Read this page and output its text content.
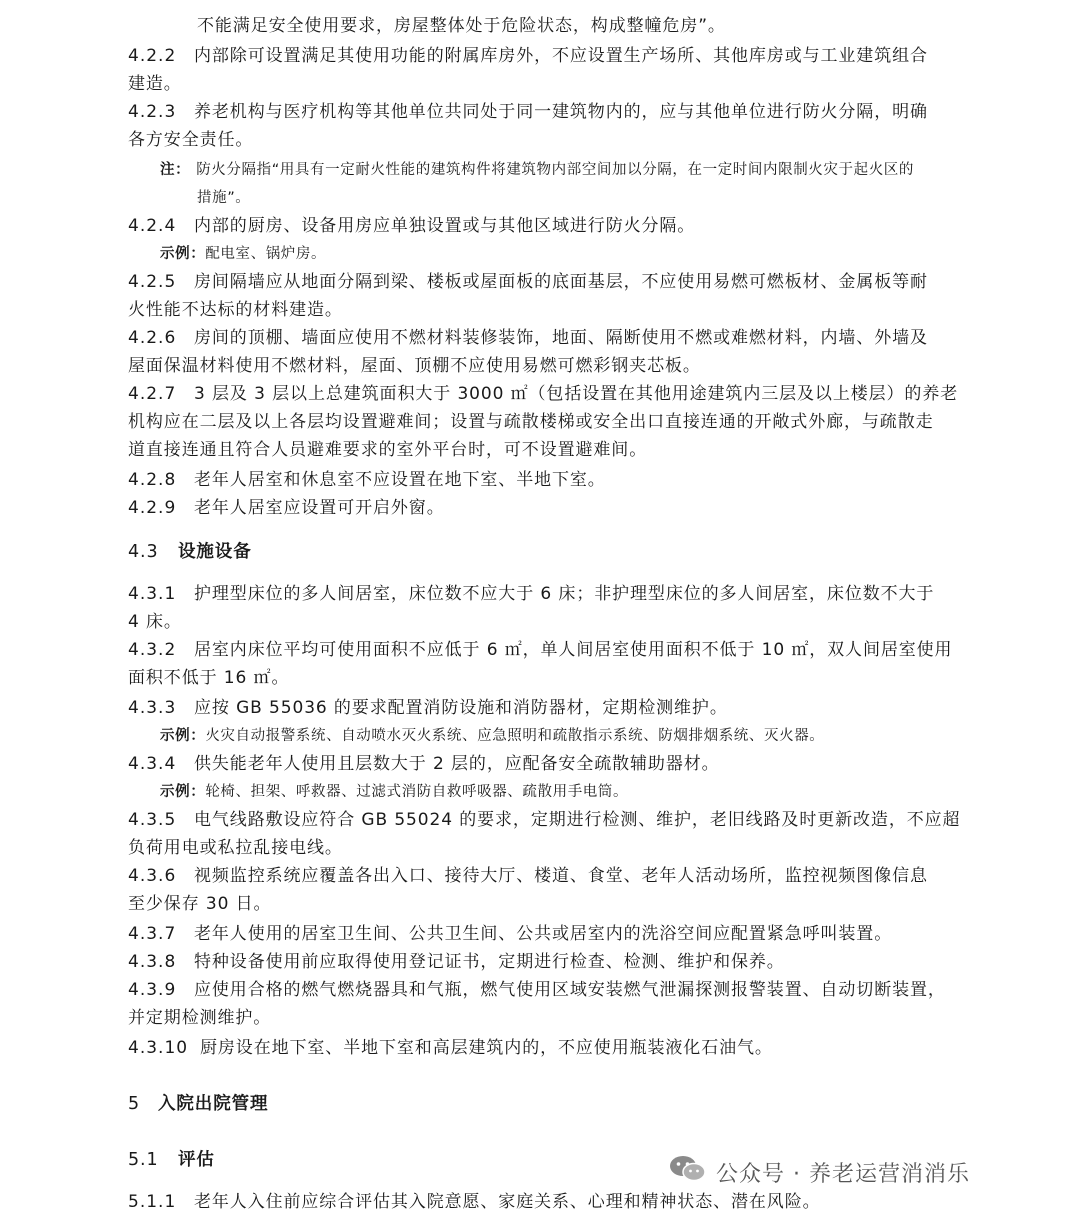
不能满足安全使用要求，房屋整体处于危险状态，构成整幢危房”。
4.2.2 内部除可设置满足其使用功能的附属库房外，不应设置生产场所、其他库房或与工业建筑组合
建造。
4.2.3 养老机构与医疗机构等其他单位共同处于同一建筑物内的，应与其他单位进行防火分隔，明确
各方安全责任。
注： 防火分隔指“用具有一定耐火性能的建筑构件将建筑物内部空间加以分隔，在一定时间内限制火灾于起火区的
措施”。
4.2.4 内部的厨房、设备用房应单独设置或与其他区域进行防火分隔。
示例：配电室、锅炉房。
4.2.5 房间隔墙应从地面分隔到梁、楼板或屋面板的底面基层，不应使用易燃可燃板材、金属板等耐
火性能不达标的材料建造。
4.2.6 房间的顶棚、墙面应使用不燃材料装修装饰，地面、隔断使用不燃或难燃材料，内墙、外墙及
屋面保温材料使用不燃材料，屋面、顶棚不应使用易燃可燃彩钢夹芯板。
4.2.7 3 层及 3 层以上总建筑面积大于 3000 ㎡（包括设置在其他用途建筑内三层及以上楼层）的养老
机构应在二层及以上各层均设置避难间；设置与疏散楼梯或安全出口直接连通的开敞式外廊，与疏散走
道直接连通且符合人员避难要求的室外平台时，可不设置避难间。
4.2.8 老年人居室和休息室不应设置在地下室、半地下室。
4.2.9 老年人居室应设置可开启外窗。
4.3 设施设备
4.3.1 护理型床位的多人间居室，床位数不应大于 6 床；非护理型床位的多人间居室，床位数不大于
4 床。
4.3.2 居室内床位平均可使用面积不应低于 6 ㎡，单人间居室使用面积不低于 10 ㎡，双人间居室使用
面积不低于 16 ㎡。
4.3.3 应按 GB 55036 的要求配置消防设施和消防器材，定期检测维护。
示例：火灾自动报警系统、自动喷水灭火系统、应急照明和疏散指示系统、防烟排烟系统、灭火器。
4.3.4 供失能老年人使用且层数大于 2 层的，应配备安全疏散辅助器材。
示例：轮椅、担架、呼救器、过滤式消防自救呼吸器、疏散用手电筒。
4.3.5 电气线路敷设应符合 GB 55024 的要求，定期进行检测、维护，老旧线路及时更新改造，不应超
负荷用电或私拉乱接电线。
4.3.6 视频监控系统应覆盖各出入口、接待大厅、楼道、食堂、老年人活动场所，监控视频图像信息
至少保存 30 日。
4.3.7 老年人使用的居室卫生间、公共卫生间、公共或居室内的洗浴空间应配置紧急呼叫装置。
4.3.8 特种设备使用前应取得使用登记证书，定期进行检查、检测、维护和保养。
4.3.9 应使用合格的燃气燃烧器具和气瓶，燃气使用区域安装燃气泄漏探测报警装置、自动切断装置，
并定期检测维护。
4.3.10 厨房设在地下室、半地下室和高层建筑内的，不应使用瓶装液化石油气。
5 入院出院管理
5.1 评估
5.1.1 老年人入住前应综合评估其入院意愿、家庭关系、心理和精神状态、潜在风险。
公众号 · 养老运营消消乐
